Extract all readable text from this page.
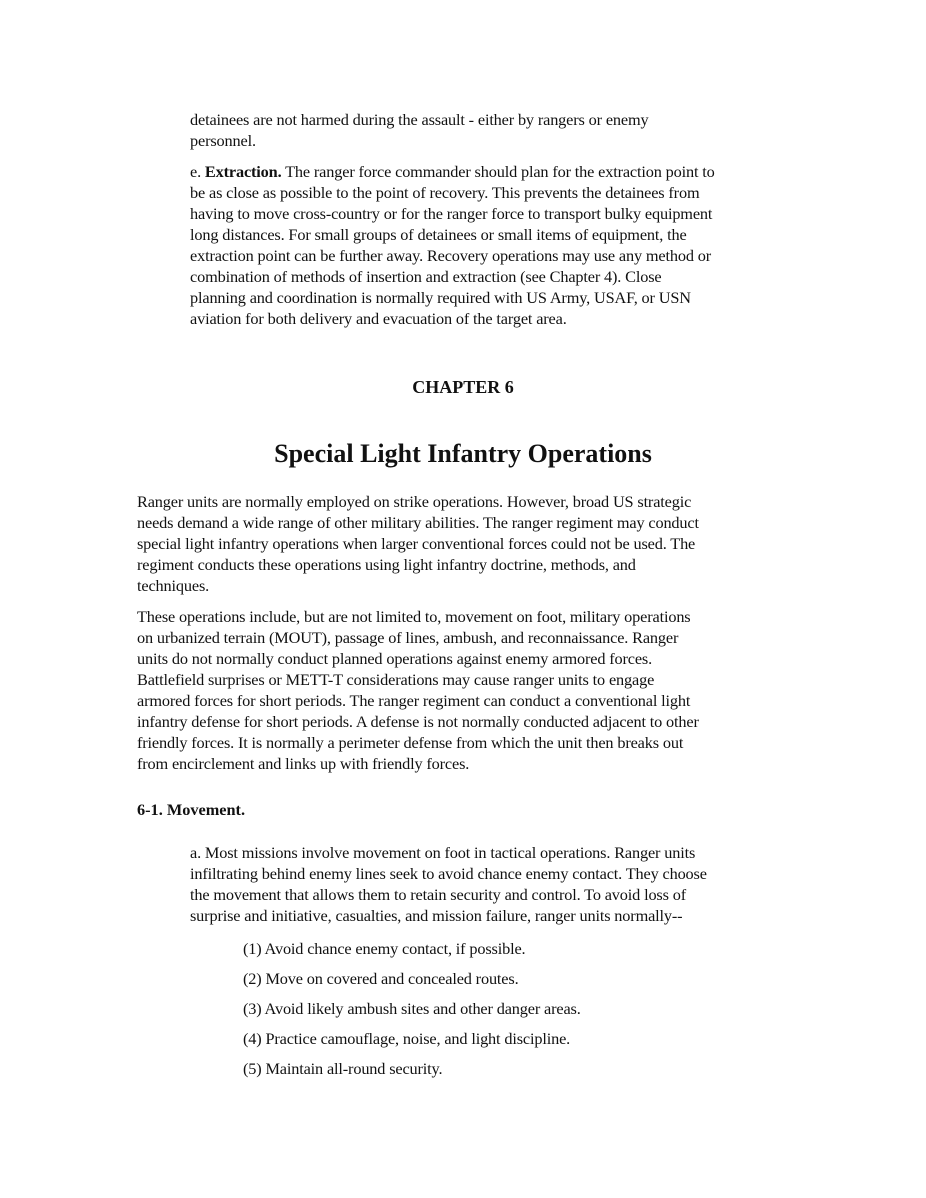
detainees are not harmed during the assault - either by rangers or enemy
personnel.
e. Extraction. The ranger force commander should plan for the extraction point to
be as close as possible to the point of recovery. This prevents the detainees from
having to move cross-country or for the ranger force to transport bulky equipment
long distances. For small groups of detainees or small items of equipment, the
extraction point can be further away. Recovery operations may use any method or
combination of methods of insertion and extraction (see Chapter 4). Close
planning and coordination is normally required with US Army, USAF, or USN
aviation for both delivery and evacuation of the target area.
CHAPTER 6
Special Light Infantry Operations
Ranger units are normally employed on strike operations. However, broad US strategic
needs demand a wide range of other military abilities. The ranger regiment may conduct
special light infantry operations when larger conventional forces could not be used. The
regiment conducts these operations using light infantry doctrine, methods, and
techniques.
These operations include, but are not limited to, movement on foot, military operations
on urbanized terrain (MOUT), passage of lines, ambush, and reconnaissance. Ranger
units do not normally conduct planned operations against enemy armored forces.
Battlefield surprises or METT-T considerations may cause ranger units to engage
armored forces for short periods. The ranger regiment can conduct a conventional light
infantry defense for short periods. A defense is not normally conducted adjacent to other
friendly forces. It is normally a perimeter defense from which the unit then breaks out
from encirclement and links up with friendly forces.
6-1. Movement.
a. Most missions involve movement on foot in tactical operations. Ranger units
infiltrating behind enemy lines seek to avoid chance enemy contact. They choose
the movement that allows them to retain security and control. To avoid loss of
surprise and initiative, casualties, and mission failure, ranger units normally--
(1) Avoid chance enemy contact, if possible.
(2) Move on covered and concealed routes.
(3) Avoid likely ambush sites and other danger areas.
(4) Practice camouflage, noise, and light discipline.
(5) Maintain all-round security.
